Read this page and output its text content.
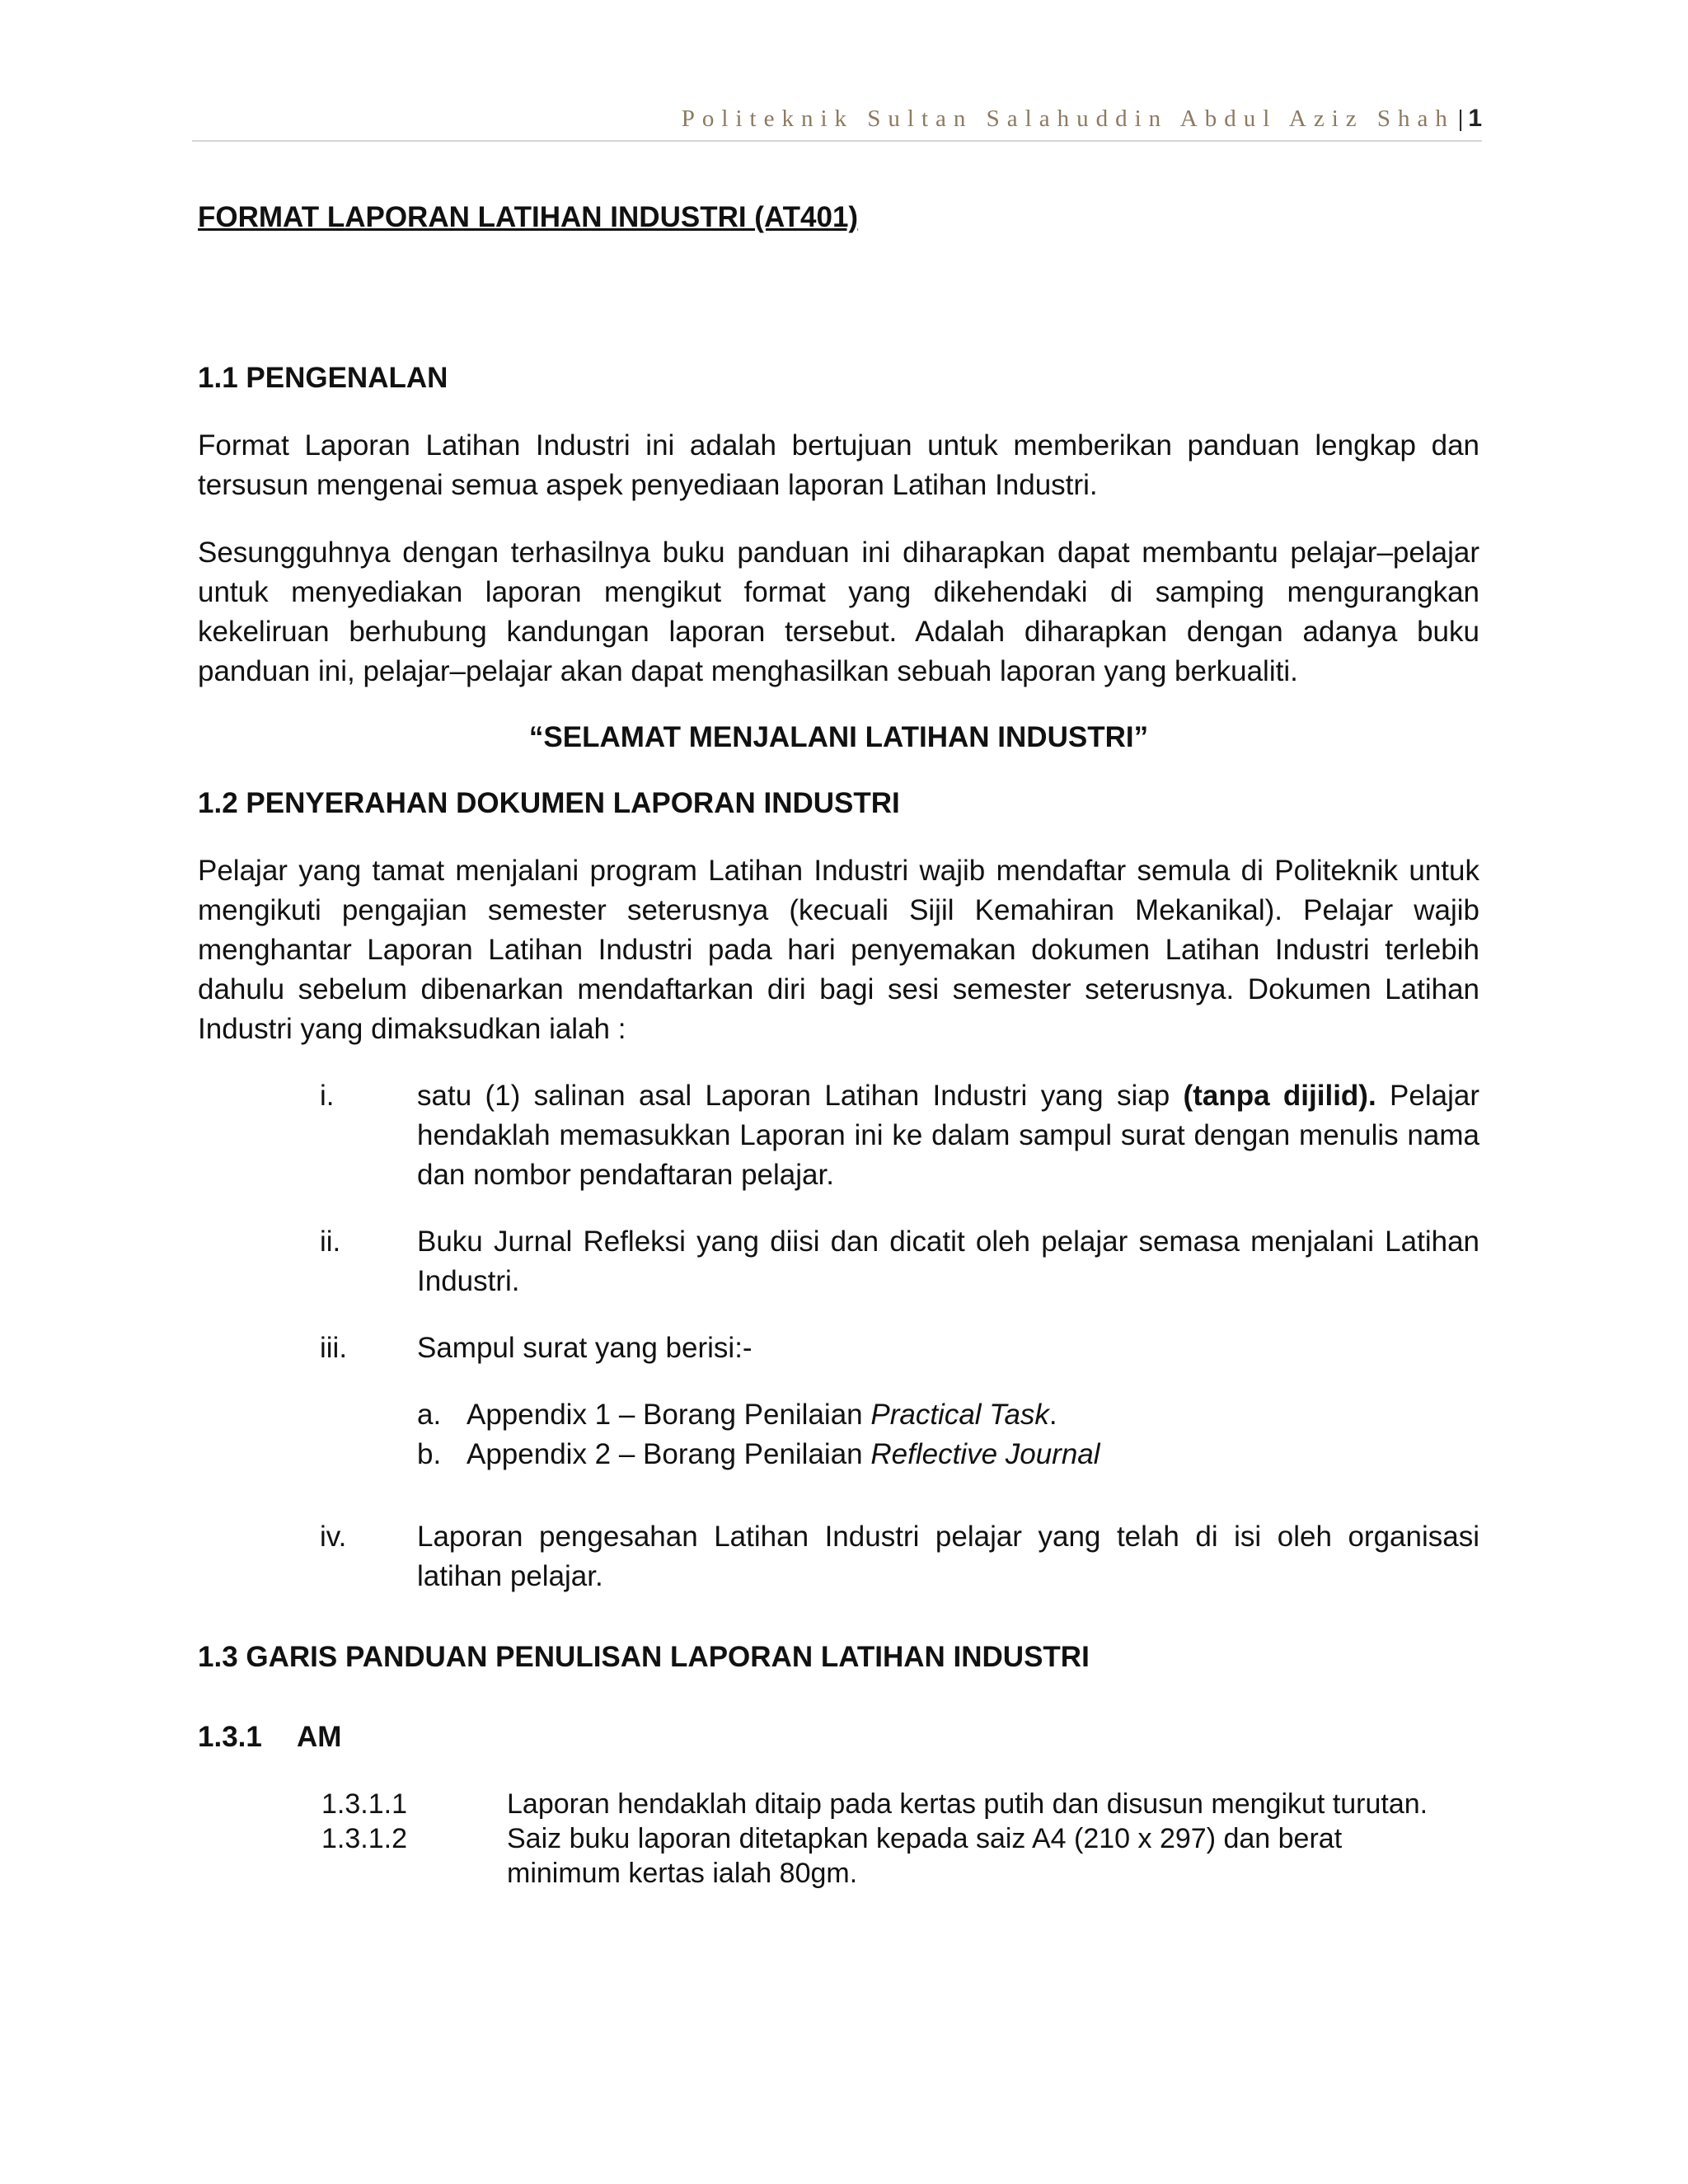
Politeknik Sultan Salahuddin Abdul Aziz Shah | 1
FORMAT LAPORAN LATIHAN INDUSTRI (AT401)
1.1 PENGENALAN

Format Laporan Latihan Industri ini adalah bertujuan untuk memberikan panduan lengkap dan tersusun mengenai semua aspek penyediaan laporan Latihan Industri.

Sesungguhnya dengan terhasilnya buku panduan ini diharapkan dapat membantu pelajar–pelajar untuk menyediakan laporan mengikut format yang dikehendaki di samping mengurangkan kekeliruan berhubung kandungan laporan tersebut. Adalah diharapkan dengan adanya buku panduan ini, pelajar–pelajar akan dapat menghasilkan sebuah laporan yang berkualiti.

“SELAMAT MENJALANI LATIHAN INDUSTRI”
1.2 PENYERAHAN DOKUMEN LAPORAN INDUSTRI

Pelajar yang tamat menjalani program Latihan Industri wajib mendaftar semula di Politeknik untuk mengikuti pengajian semester seterusnya (kecuali Sijil Kemahiran Mekanikal). Pelajar wajib menghantar Laporan Latihan Industri pada hari penyemakan dokumen Latihan Industri terlebih dahulu sebelum dibenarkan mendaftarkan diri bagi sesi semester seterusnya. Dokumen Latihan Industri yang dimaksudkan ialah :

i.	satu (1) salinan asal Laporan Latihan Industri yang siap (tanpa dijilid). Pelajar hendaklah memasukkan Laporan ini ke dalam sampul surat dengan menulis nama dan nombor pendaftaran pelajar.
ii.	Buku Jurnal Refleksi yang diisi dan dicatit oleh pelajar semasa menjalani Latihan Industri.
iii.	Sampul surat yang berisi:-
a. Appendix 1 – Borang Penilaian Practical Task.
b. Appendix 2 – Borang Penilaian Reflective Journal
iv.	Laporan pengesahan Latihan Industri pelajar yang telah di isi oleh organisasi latihan pelajar.
1.3 GARIS PANDUAN PENULISAN LAPORAN LATIHAN INDUSTRI
1.3.1	AM
1.3.1.1	Laporan hendaklah ditaip pada kertas putih dan disusun mengikut turutan.
1.3.1.2	Saiz buku laporan ditetapkan kepada saiz A4 (210 x 297) dan berat minimum kertas ialah 80gm.
